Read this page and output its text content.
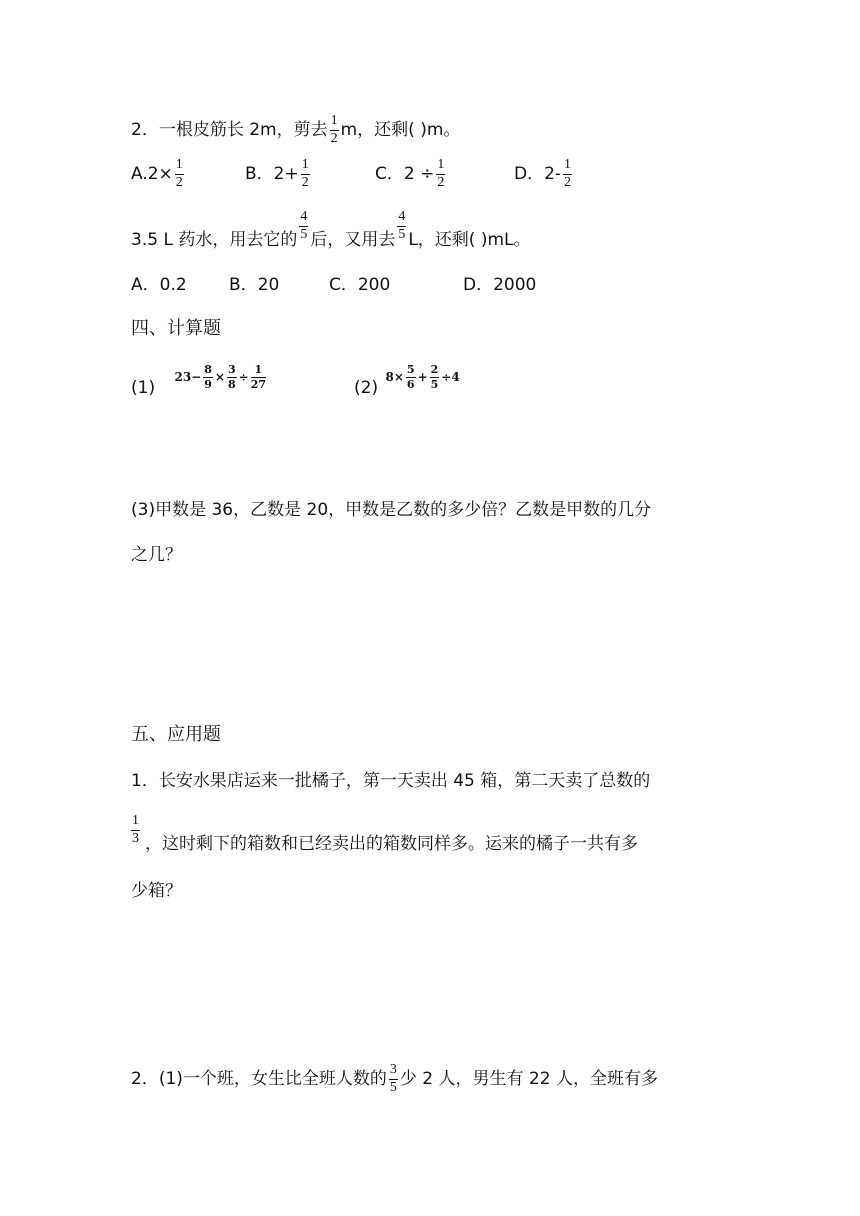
2．一根皮筋长 2m，剪去 $\frac{1}{2}$ m，还剩( )m。
$A.2\times \frac{1}{2}$	B．$2+ \frac{1}{2}$	C．$2 \div \frac{1}{2}$	D．$2- \frac{1}{2}$
3.5 L 药水，用去它的 $\frac{4}{5}$ 后，又用去 $\frac{4}{5}$ L，还剩( )mL。
A．0.2 B．20	C．200	D．2000
四、计算题
(1)
$23- \frac{8}{9} \times \frac{3}{8} \div \frac{1}{27}$	(2)
$8\times \frac{5}{6} + \frac{2}{5} \div 4$
(3)甲数是 36，乙数是 20，甲数是乙数的多少倍？乙数是甲数的几分
之几？
五、应用题
1．长安水果店运来一批橘子，第一天卖出 45 箱，第二天卖了总数的
1
3 ，这时剩下的箱数和已经卖出的箱数同样多。运来的橘子一共有多
少箱？
2．(1)一个班，女生比全班人数的 $\frac{3}{5}$ 少 2 人，男生有 22 人，全班有多
